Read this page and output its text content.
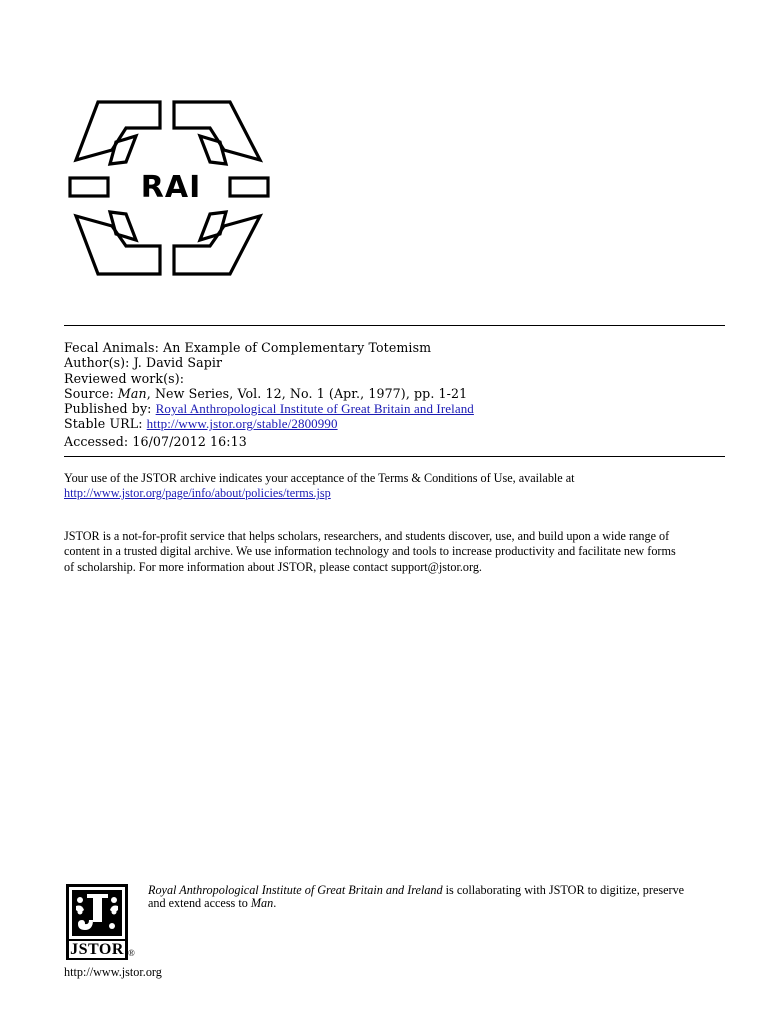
RAI
Fecal Animals: An Example of Complementary Totemism
Author(s): J. David Sapir
Reviewed work(s):
Source: Man, New Series, Vol. 12, No. 1 (Apr., 1977), pp. 1-21
Published by: Royal Anthropological Institute of Great Britain and Ireland
Stable URL: http://www.jstor.org/stable/2800990
Accessed: 16/07/2012 16:13
Your use of the JSTOR archive indicates your acceptance of the Terms & Conditions of Use, available at
http://www.jstor.org/page/info/about/policies/terms.jsp
JSTOR is a not-for-profit service that helps scholars, researchers, and students discover, use, and build upon a wide range of
content in a trusted digital archive. We use information technology and tools to increase productivity and facilitate new forms
of scholarship. For more information about JSTOR, please contact support@jstor.org.
JSTOR ®
Royal Anthropological Institute of Great Britain and Ireland is collaborating with JSTOR to digitize, preserve
and extend access to Man.
http://www.jstor.org
